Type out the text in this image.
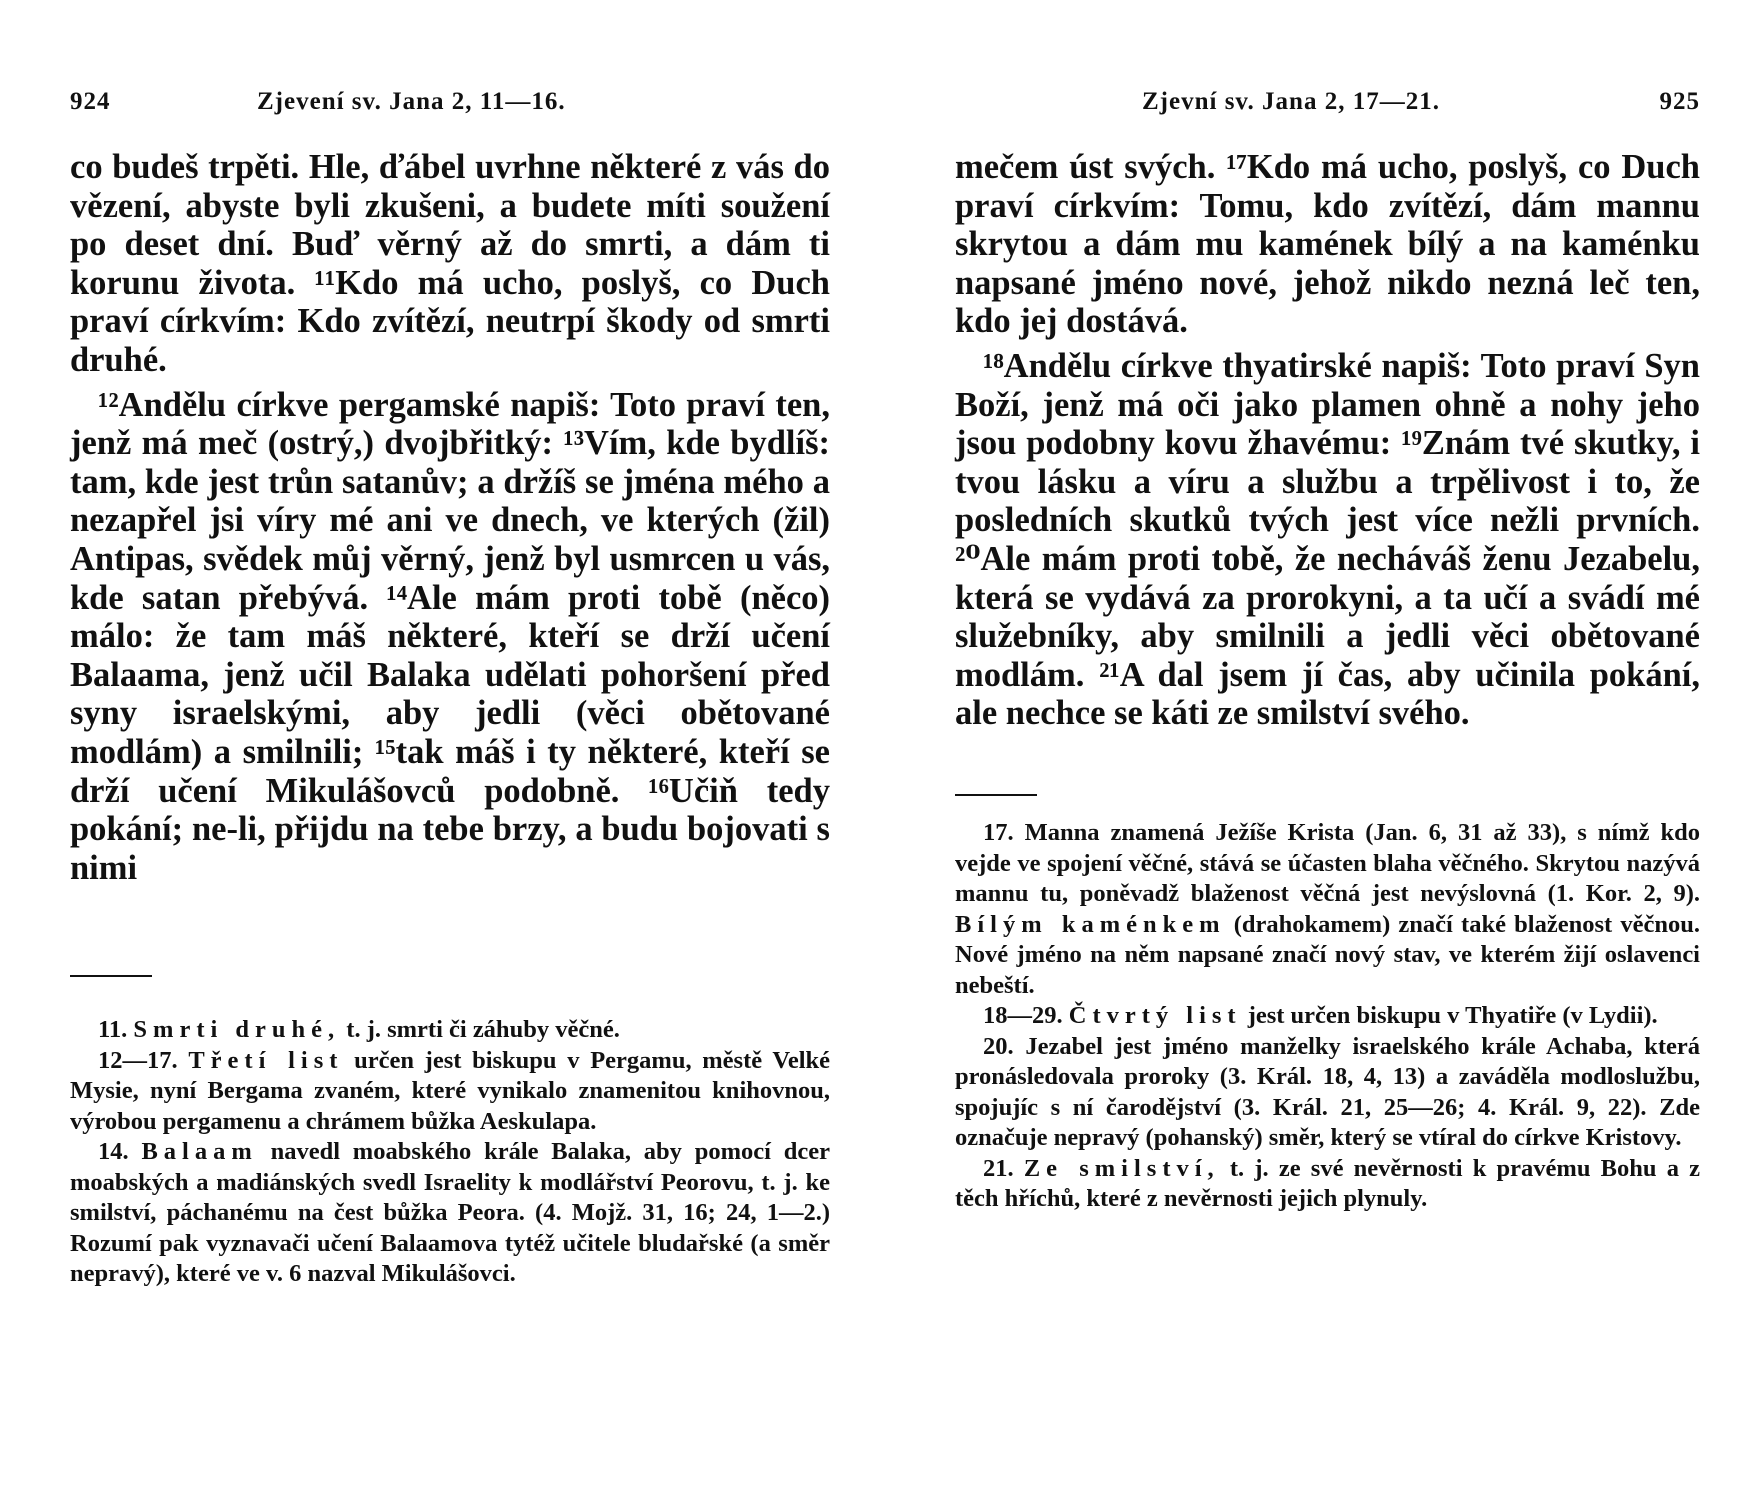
924	Zjevení sv. Jana 2, 11—16.

co budeš trpěti. Hle, ďábel uvrhne některé z vás do vězení, abyste byli zkušeni, a budete míti soužení po deset dní. Buď věrný až do smrti, a dám ti korunu života. ¹¹Kdo má ucho, poslyš, co Duch praví církvím: Kdo zvítězí, neutrpí škody od smrti druhé.

¹²Andělu církve pergamské napiš: Toto praví ten, jenž má meč (ostrý,) dvojbřitký: ¹³Vím, kde bydlíš: tam, kde jest trůn satanův; a držíš se jména mého a nezapřel jsi víry mé ani ve dnech, ve kterých (žil) Antipas, svědek můj věrný, jenž byl usmrcen u vás, kde satan přebývá. ¹⁴Ale mám proti tobě (něco) málo: že tam máš některé, kteří se drží učení Balaama, jenž učil Balaka udělati pohoršení před syny israelskými, aby jedli (věci obětované modlám) a smilnili; ¹⁵tak máš i ty některé, kteří se drží učení Mikulášovců podobně. ¹⁶Učiň tedy pokání; ne-li, přijdu na tebe brzy, a budu bojovati s nimi

11. Smrti druhé, t. j. smrti či záhuby věčné.

12—17. Třetí list určen jest biskupu v Pergamu, městě Velké Mysie, nyní Bergama zvaném, které vynikalo znamenitou knihovnou, výrobou pergamenu a chrámem bůžka Aeskulapa.

14. Balaam navedl moabského krále Balaka, aby pomocí dcer moabských a madiánských svedl Israelity k modlářství Peorovu, t. j. ke smilství, páchanému na čest bůžka Peora. (4. Mojž. 31, 16; 24, 1—2.) Rozumí pak vyznavači učení Balaamova tytéž učitele bludařské (a směr nepravý), které ve v. 6 nazval Mikulášovci.

Zjevní sv. Jana 2, 17—21.	925

mečem úst svých. ¹⁷Kdo má ucho, poslyš, co Duch praví církvím: Tomu, kdo zvítězí, dám mannu skrytou a dám mu kamének bílý a na kaménku napsané jméno nové, jehož nikdo nezná leč ten, kdo jej dostává.

¹⁸Andělu církve thyatirské napiš: Toto praví Syn Boží, jenž má oči jako plamen ohně a nohy jeho jsou podobny kovu žhavému: ¹⁹Znám tvé skutky, i tvou lásku a víru a službu a trpělivost i to, že posledních skutků tvých jest více nežli prvních. ²⁰Ale mám proti tobě, že necháváš ženu Jezabelu, která se vydává za prorokyni, a ta učí a svádí mé služebníky, aby smilnili a jedli věci obětované modlám. ²¹A dal jsem jí čas, aby učinila pokání, ale nechce se káti ze smilství svého.

17. Manna znamená Ježíše Krista (Jan. 6, 31 až 33), s nímž kdo vejde ve spojení věčné, stává se účasten blaha věčného. Skrytou nazývá mannu tu, poněvadž blaženost věčná jest nevýslovná (1. Kor. 2, 9). Bílým kaménkem (drahokamem) značí také blaženost věčnou. Nové jméno na něm napsané značí nový stav, ve kterém žijí oslavenci nebeští.

18—29. Čtvrtý list jest určen biskupu v Thyatiře (v Lydii).

20. Jezabel jest jméno manželky israelského krále Achaba, která pronásledovala proroky (3. Král. 18, 4, 13) a zaváděla modloslužbu, spojujíc s ní čarodějství (3. Král. 21, 25—26; 4. Král. 9, 22). Zde označuje nepravý (pohanský) směr, který se vtíral do církve Kristovy.

21. Ze smilství, t. j. ze své nevěrnosti k pravému Bohu a z těch hříchů, které z nevěrnosti jejich plynuly.
